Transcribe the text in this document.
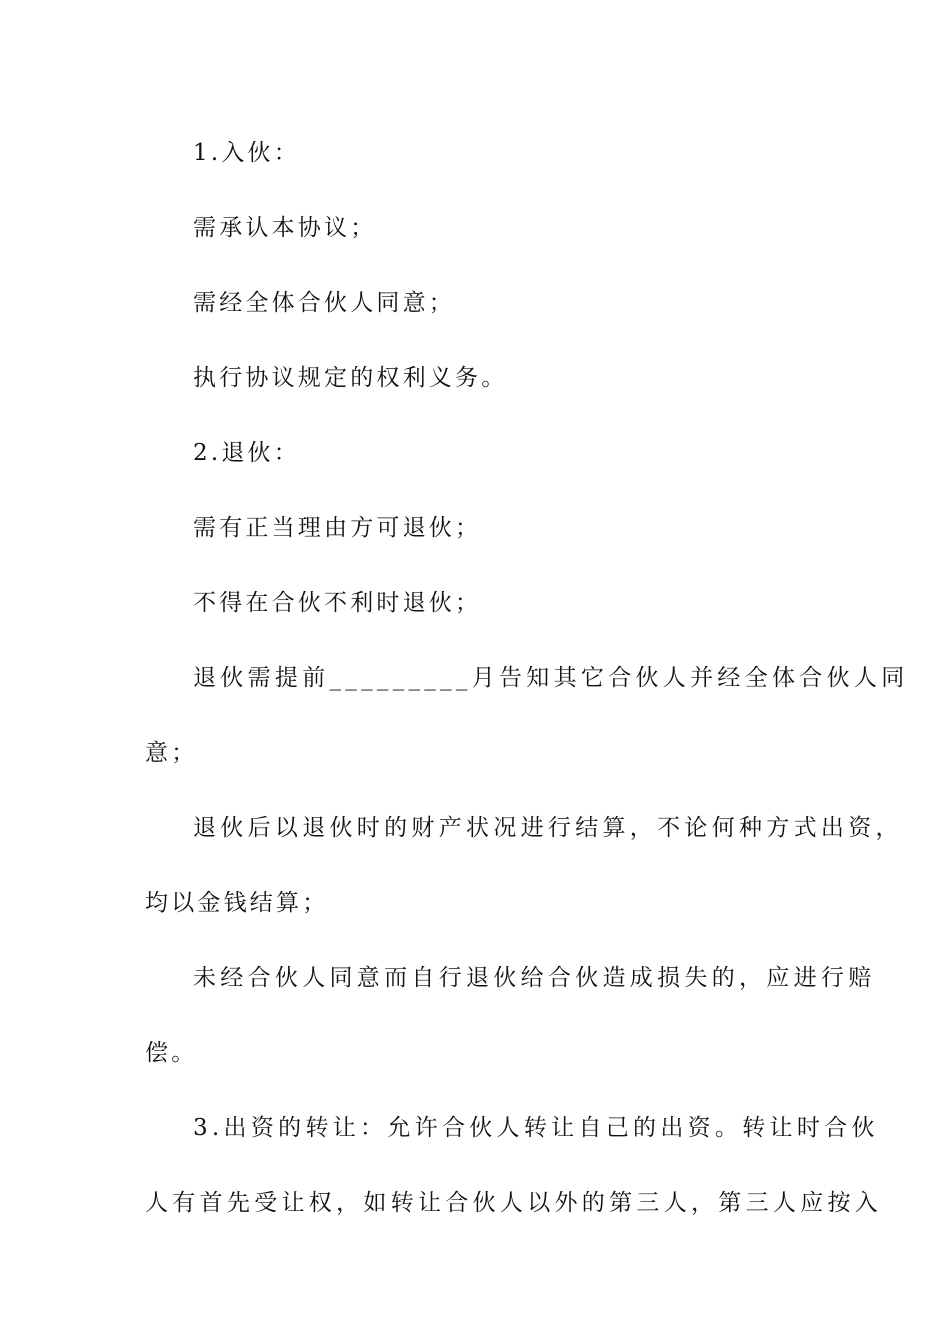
1.入伙：
需承认本协议；
需经全体合伙人同意；
执行协议规定的权利义务。
2.退伙：
需有正当理由方可退伙；
不得在合伙不利时退伙；
退伙需提前_________月告知其它合伙人并经全体合伙人同
意；
退伙后以退伙时的财产状况进行结算，不论何种方式出资，
均以金钱结算；
未经合伙人同意而自行退伙给合伙造成损失的，应进行赔
偿。
3.出资的转让：允许合伙人转让自己的出资。转让时合伙
人有首先受让权，如转让合伙人以外的第三人，第三人应按入
